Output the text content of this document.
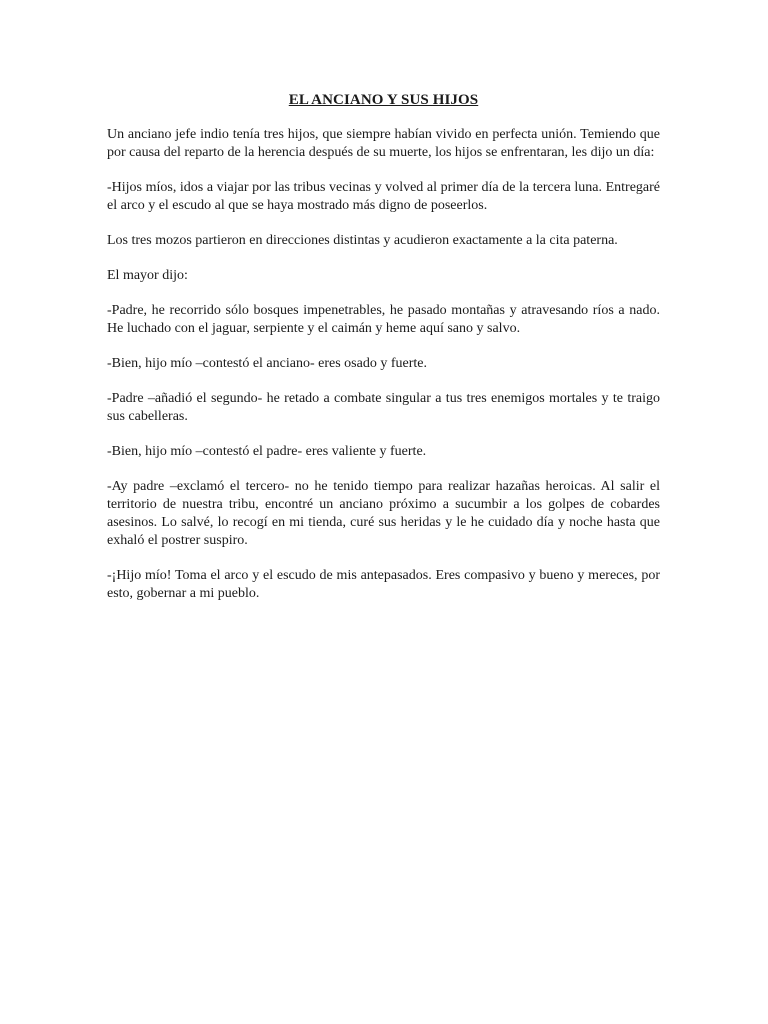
EL ANCIANO Y SUS HIJOS

Un anciano jefe indio tenía tres hijos, que siempre habían vivido en perfecta unión. Temiendo que por causa del reparto de la herencia después de su muerte, los hijos se enfrentaran, les dijo un día:

-Hijos míos, idos a viajar por las tribus vecinas y volved al primer día de la tercera luna. Entregaré el arco y el escudo al que se haya mostrado más digno de poseerlos.

Los tres mozos partieron en direcciones distintas y acudieron exactamente a la cita paterna.

El mayor dijo:

-Padre, he recorrido sólo bosques impenetrables, he pasado montañas y atravesando ríos a nado. He luchado con el jaguar, serpiente y el caimán y heme aquí sano y salvo.

-Bien, hijo mío –contestó el anciano- eres osado y fuerte.

-Padre –añadió el segundo- he retado a combate singular a tus tres enemigos mortales y te traigo sus cabelleras.

-Bien, hijo mío –contestó el padre- eres valiente y fuerte.

-Ay padre –exclamó el tercero- no he tenido tiempo para realizar hazañas heroicas. Al salir el territorio de nuestra tribu, encontré un anciano próximo a sucumbir a los golpes de cobardes asesinos. Lo salvé, lo recogí en mi tienda, curé sus heridas y le he cuidado día y noche hasta que exhaló el postrer suspiro.

-¡Hijo mío! Toma el arco y el escudo de mis antepasados. Eres compasivo y bueno y mereces, por esto, gobernar a mi pueblo.
